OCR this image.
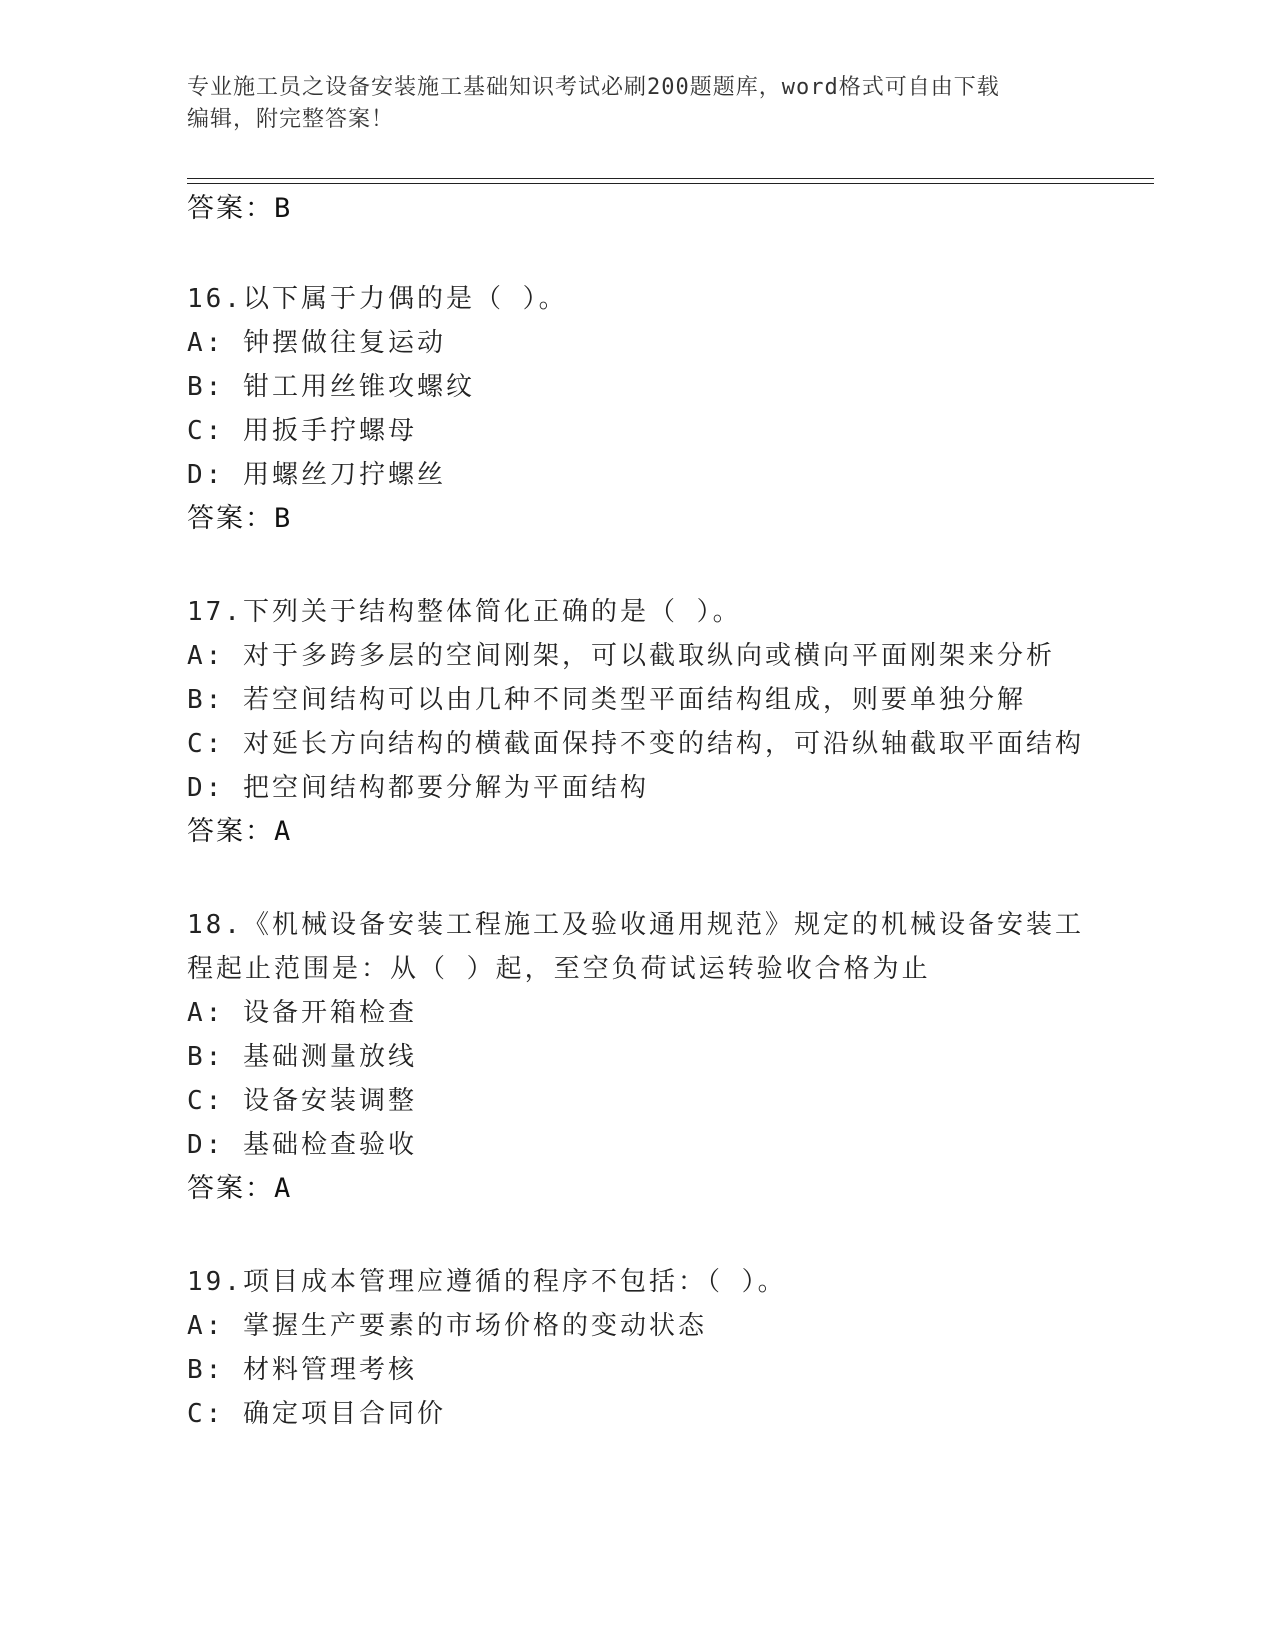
专业施工员之设备安装施工基础知识考试必刷200题题库，word格式可自由下载
编辑，附完整答案！
答案：B
16.以下属于力偶的是（ ）。
A: 钟摆做往复运动
B: 钳工用丝锥攻螺纹
C: 用扳手拧螺母
D: 用螺丝刀拧螺丝
答案：B
17.下列关于结构整体简化正确的是（ ）。
A: 对于多跨多层的空间刚架，可以截取纵向或横向平面刚架来分析
B: 若空间结构可以由几种不同类型平面结构组成，则要单独分解
C: 对延长方向结构的横截面保持不变的结构，可沿纵轴截取平面结构
D: 把空间结构都要分解为平面结构
答案：A
18.《机械设备安装工程施工及验收通用规范》规定的机械设备安装工
程起止范围是：从（ ）起，至空负荷试运转验收合格为止
A: 设备开箱检查
B: 基础测量放线
C: 设备安装调整
D: 基础检查验收
答案：A
19.项目成本管理应遵循的程序不包括：（ ）。
A: 掌握生产要素的市场价格的变动状态
B: 材料管理考核
C: 确定项目合同价
